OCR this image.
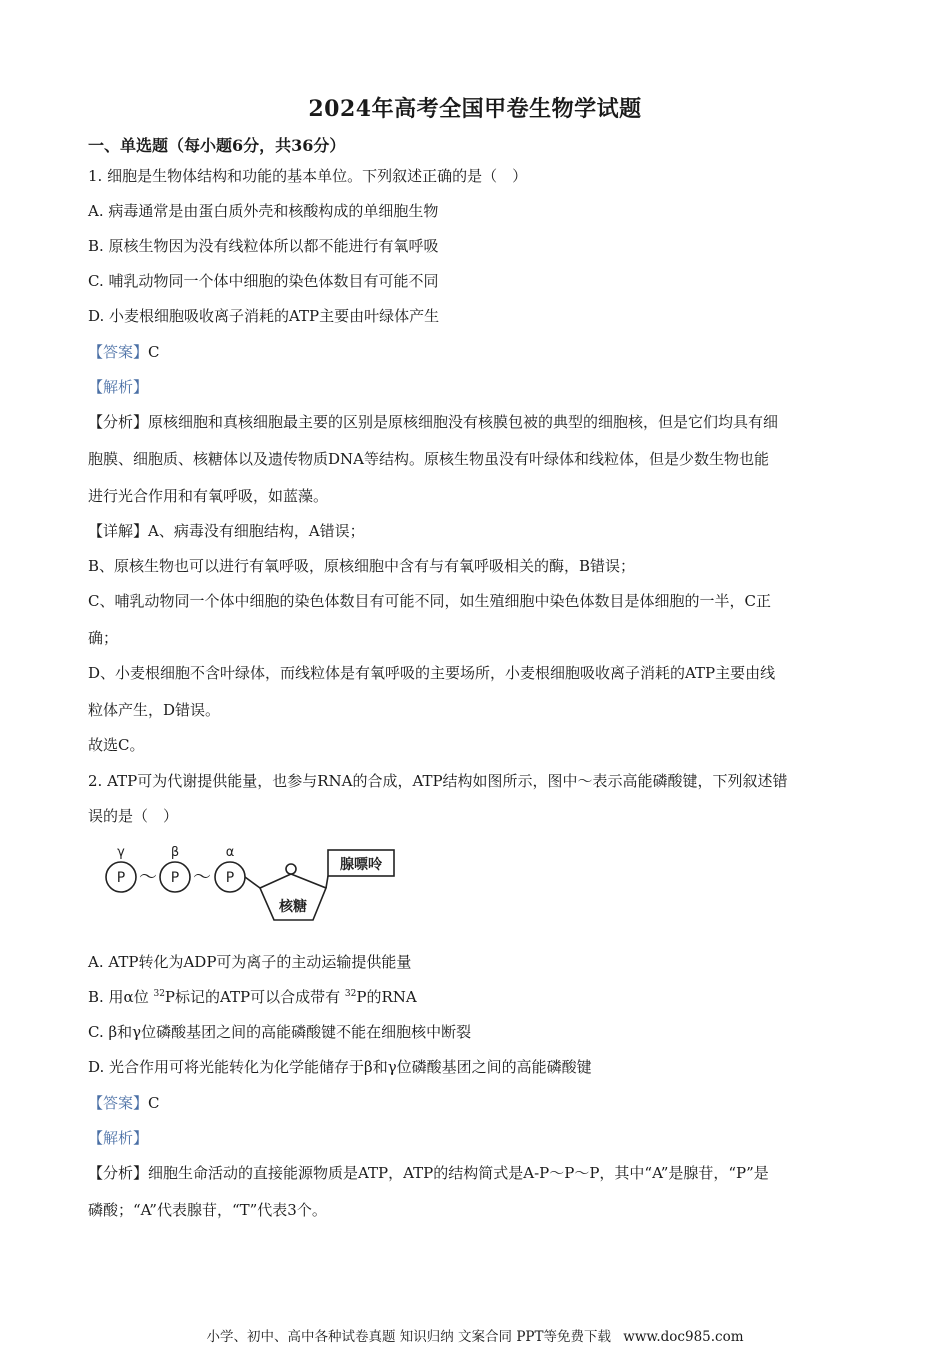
2024年高考全国甲卷生物学试题
一、单选题（每小题6分，共36分）
1. 细胞是生物体结构和功能的基本单位。下列叙述正确的是（　）
A. 病毒通常是由蛋白质外壳和核酸构成的单细胞生物
B. 原核生物因为没有线粒体所以都不能进行有氧呼吸
C. 哺乳动物同一个体中细胞的染色体数目有可能不同
D. 小麦根细胞吸收离子消耗的ATP主要由叶绿体产生
【答案】C
【解析】
【分析】原核细胞和真核细胞最主要的区别是原核细胞没有核膜包被的典型的细胞核，但是它们均具有细
胞膜、细胞质、核糖体以及遗传物质DNA等结构。原核生物虽没有叶绿体和线粒体，但是少数生物也能
进行光合作用和有氧呼吸，如蓝藻。
【详解】A、病毒没有细胞结构，A错误；
B、原核生物也可以进行有氧呼吸，原核细胞中含有与有氧呼吸相关的酶，B错误；
C、哺乳动物同一个体中细胞的染色体数目有可能不同，如生殖细胞中染色体数目是体细胞的一半，C正
确；
D、小麦根细胞不含叶绿体，而线粒体是有氧呼吸的主要场所，小麦根细胞吸收离子消耗的ATP主要由线
粒体产生，D错误。
故选C。
2. ATP可为代谢提供能量，也参与RNA的合成，ATP结构如图所示，图中～表示高能磷酸键，下列叙述错
误的是（　）
γ	β	α
P	P	P
～ ～
腺嘌呤
核糖
A. ATP转化为ADP可为离子的主动运输提供能量
B. 用α位 $^{32}$P标记的ATP可以合成带有 $^{32}$P的RNA
C. β和γ位磷酸基团之间的高能磷酸键不能在细胞核中断裂
D. 光合作用可将光能转化为化学能储存于β和γ位磷酸基团之间的高能磷酸键
【答案】C
【解析】
【分析】细胞生命活动的直接能源物质是ATP，ATP的结构简式是A-P～P～P，其中“A”是腺苷，“P”是
磷酸；“A”代表腺苷，“T”代表3个。
小学、初中、高中各种试卷真题 知识归纳 文案合同 PPT等免费下载 www.doc985.com
